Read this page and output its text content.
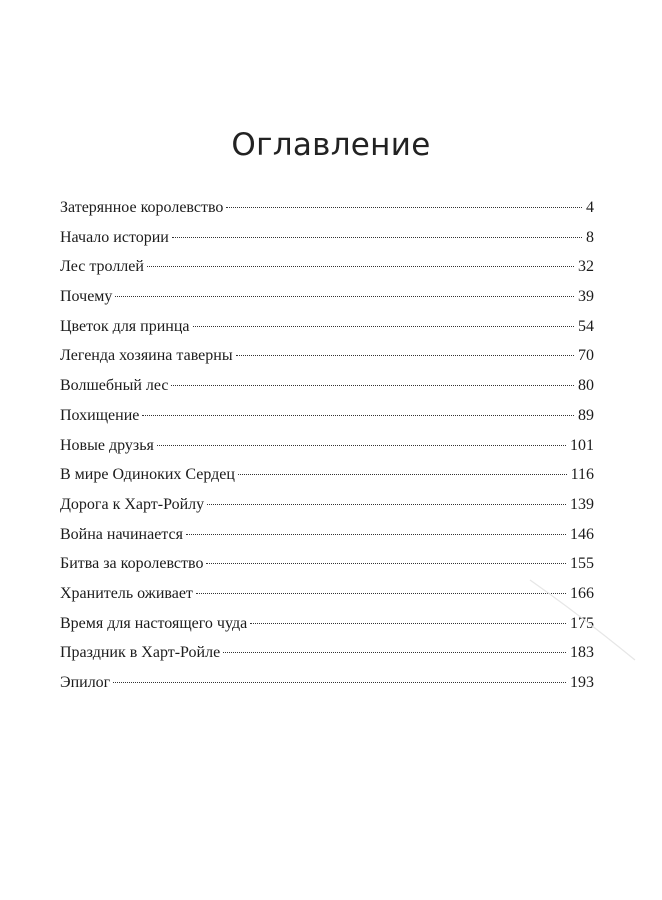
Оглавление
Затерянное королевство	4
Начало истории	8
Лес троллей	32
Почему	39
Цветок для принца	54
Легенда хозяина таверны	70
Волшебный лес	80
Похищение	89
Новые друзья	101
В мире Одиноких Сердец	116
Дорога к Харт-Ройлу	139
Война начинается	146
Битва за королевство	155
Хранитель оживает	166
Время для настоящего чуда	175
Праздник в Харт-Ройле	183
Эпилог	193
